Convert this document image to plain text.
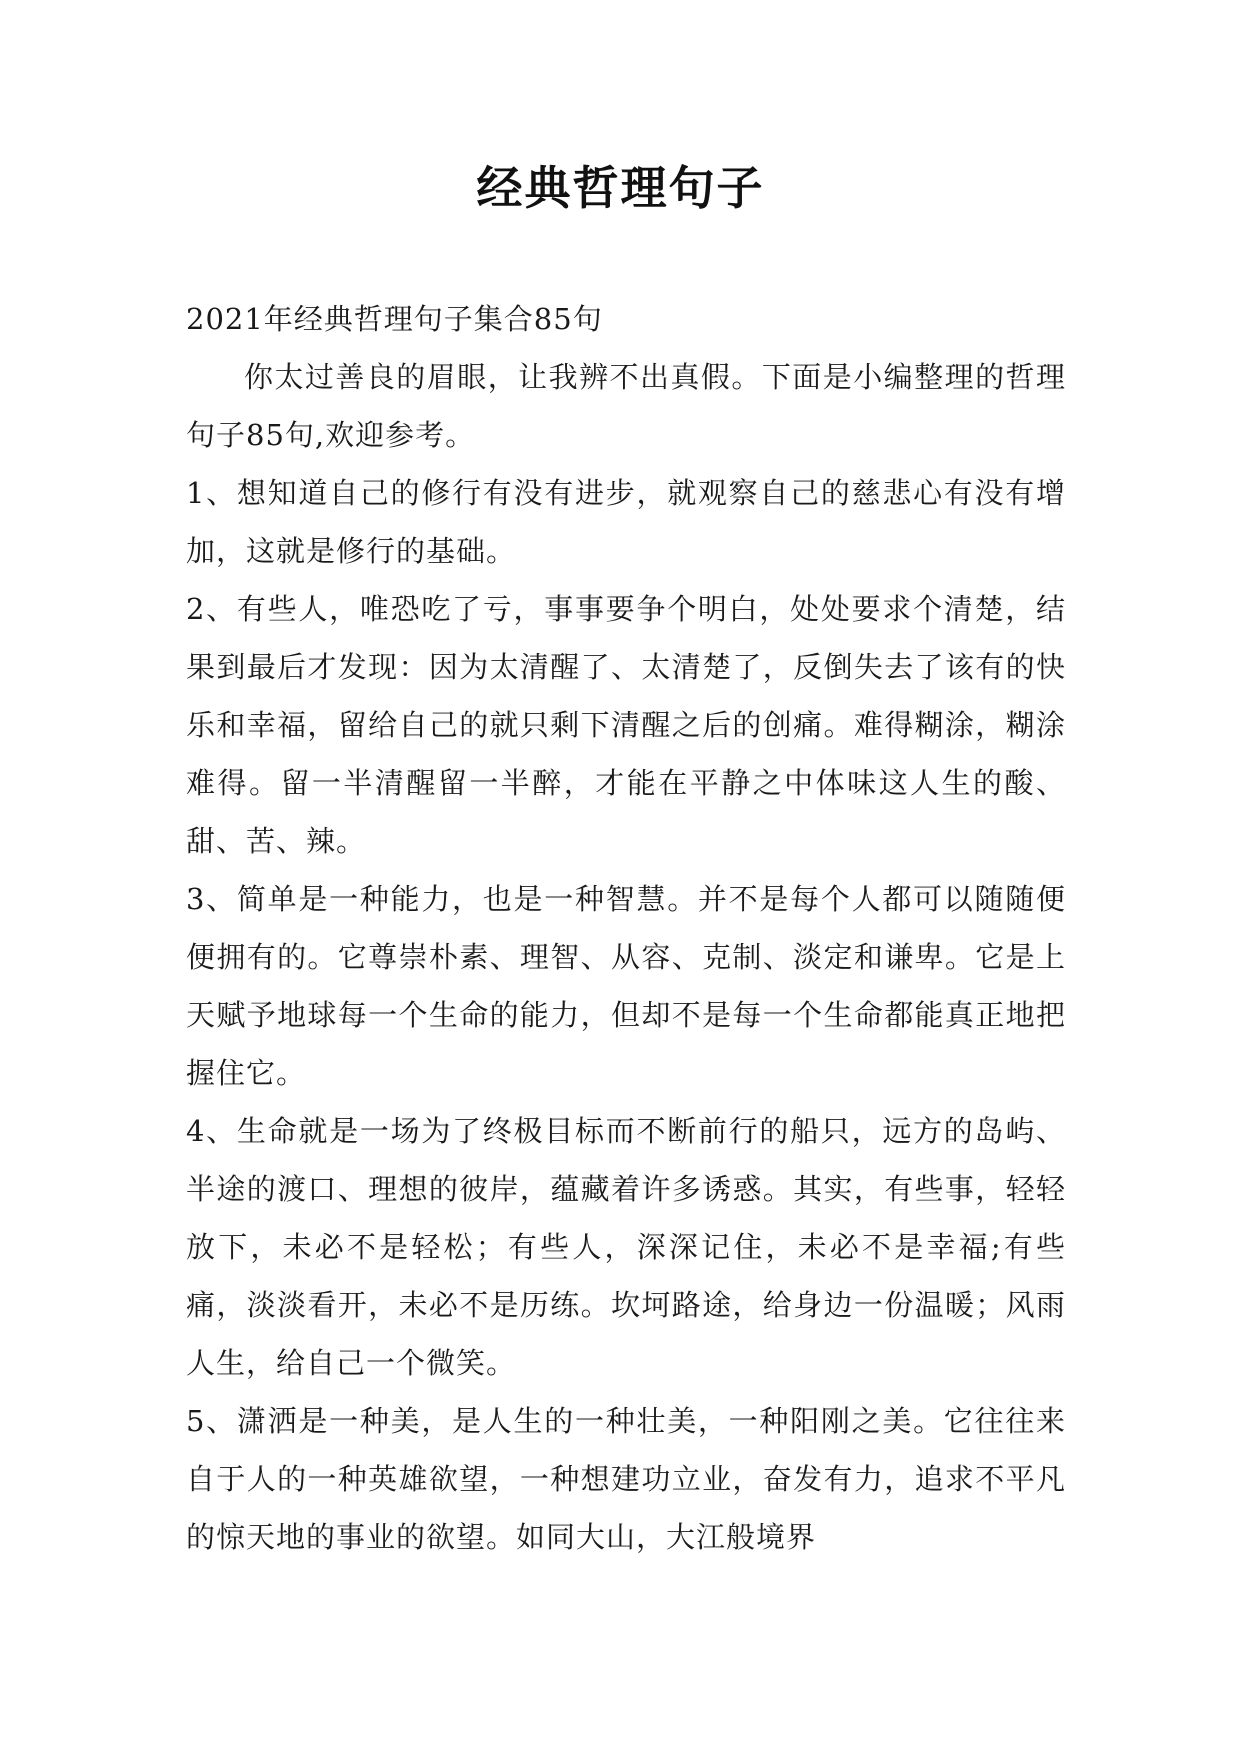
经典哲理句子

2021年经典哲理句子集合85句

你太过善良的眉眼，让我辨不出真假。下面是小编整理的哲理句子85句,欢迎参考。

1、想知道自己的修行有没有进步，就观察自己的慈悲心有没有增加，这就是修行的基础。

2、有些人，唯恐吃了亏，事事要争个明白，处处要求个清楚，结果到最后才发现：因为太清醒了、太清楚了，反倒失去了该有的快乐和幸福，留给自己的就只剩下清醒之后的创痛。难得糊涂，糊涂难得。留一半清醒留一半醉，才能在平静之中体味这人生的酸、甜、苦、辣。

3、简单是一种能力，也是一种智慧。并不是每个人都可以随随便便拥有的。它尊崇朴素、理智、从容、克制、淡定和谦卑。它是上天赋予地球每一个生命的能力，但却不是每一个生命都能真正地把握住它。

4、生命就是一场为了终极目标而不断前行的船只，远方的岛屿、半途的渡口、理想的彼岸，蕴藏着许多诱惑。其实，有些事，轻轻放下，未必不是轻松；有些人，深深记住，未必不是幸福;有些痛，淡淡看开，未必不是历练。坎坷路途，给身边一份温暖；风雨人生，给自己一个微笑。

5、潇洒是一种美，是人生的一种壮美，一种阳刚之美。它往往来自于人的一种英雄欲望，一种想建功立业，奋发有力，追求不平凡的惊天地的事业的欲望。如同大山，大江般境界
